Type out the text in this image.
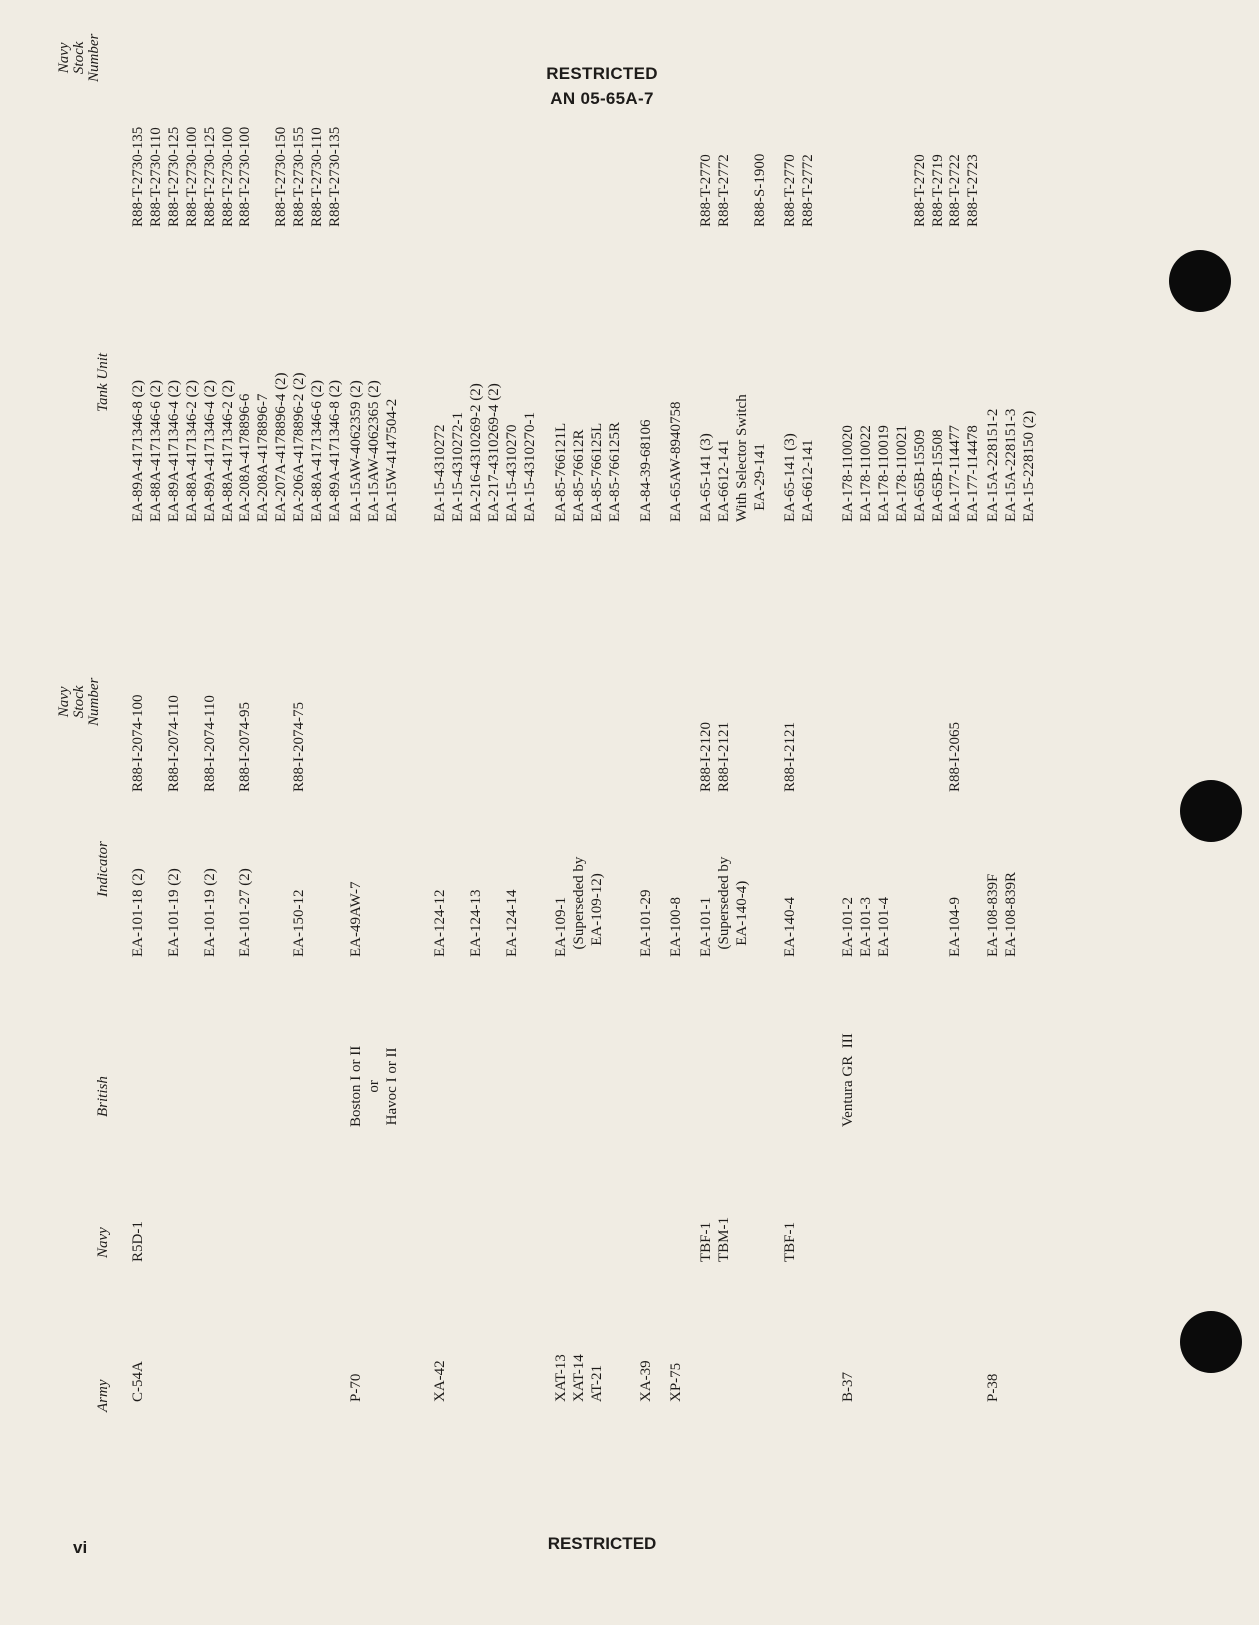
RESTRICTED
AN 05-65A-7
Army
Navy
British
Indicator
Navy
Stock
Number
Tank Unit
Navy
Stock
Number
C-54A
R5D-1
EA-101-18 (2)

EA-101-19 (2)

EA-101-19 (2)

EA-101-27 (2)

EA-150-12
R88-I-2074-100

R88-I-2074-110

R88-I-2074-110

R88-I-2074-95

R88-I-2074-75
EA-89A-4171346-8 (2)
EA-88A-4171346-6 (2)
EA-89A-4171346-4 (2)
EA-88A-4171346-2 (2)
EA-89A-4171346-4 (2)
EA-88A-4171346-2 (2)
EA-208A-4178896-6
EA-208A-4178896-7
EA-207A-4178896-4 (2)
EA-206A-4178896-2 (2)
EA-88A-4171346-6 (2)
EA-89A-4171346-8 (2)
R88-T-2730-135
R88-T-2730-110
R88-T-2730-125
R88-T-2730-100
R88-T-2730-125
R88-T-2730-100
R88-T-2730-100

R88-T-2730-150
R88-T-2730-155
R88-T-2730-110
R88-T-2730-135
P-70
Boston I or II
or
Havoc I or II
EA-49AW-7
EA-15AW-4062359 (2)
EA-15AW-4062365 (2)
EA-15W-4147504-2
XA-42
EA-124-12

EA-124-13

EA-124-14
EA-15-4310272
EA-15-4310272-1
EA-216-4310269-2 (2)
EA-217-4310269-4 (2)
EA-15-4310270
EA-15-4310270-1
XAT-13
XAT-14
AT-21
EA-109-1
(Superseded by
EA-109-12)
EA-85-766121L
EA-85-76612R
EA-85-766125L
EA-85-766125R
XA-39
EA-101-29
EA-84-39-68106
XP-75
EA-100-8
EA-65AW-8940758
TBF-1
TBM-1
EA-101-1
(Superseded by
EA-140-4)
R88-I-2120
R88-I-2121
EA-65-141 (3)
EA-6612-141
With Selector Switch
EA-29-141
R88-T-2770
R88-T-2772

R88-S-1900
TBF-1
EA-140-4
R88-I-2121
EA-65-141 (3)
EA-6612-141
R88-T-2770
R88-T-2772
B-37
Ventura GR  III
EA-101-2
EA-101-3
EA-101-4

EA-104-9

R88-I-2065
EA-178-110020
EA-178-110022
EA-178-110019
EA-178-110021
EA-65B-15509
EA-65B-15508
EA-177-114477
EA-177-114478

R88-T-2720
R88-T-2719
R88-T-2722
R88-T-2723
P-38
EA-108-839F
EA-108-839R
EA-15A-228151-2
EA-15A-228151-3
EA-15-228150 (2)
RESTRICTED
vi
